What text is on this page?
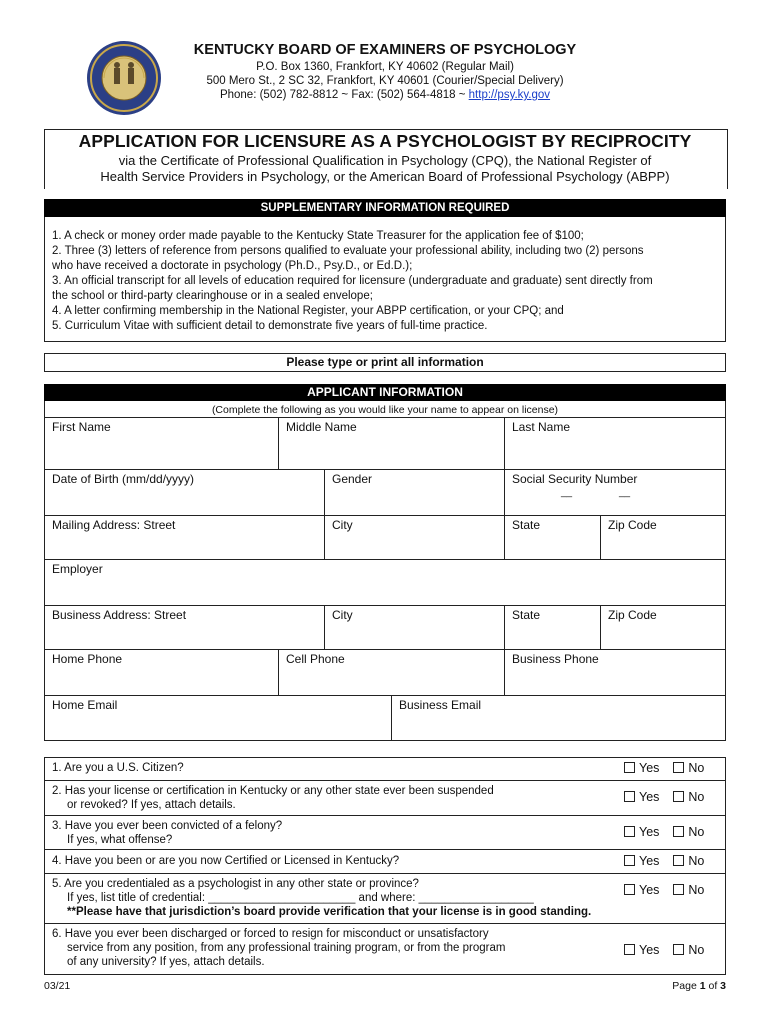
KENTUCKY BOARD OF EXAMINERS OF PSYCHOLOGY
P.O. Box 1360, Frankfort, KY 40602 (Regular Mail)
500 Mero St., 2 SC 32, Frankfort, KY 40601 (Courier/Special Delivery)
Phone: (502) 782-8812 ~ Fax: (502) 564-4818 ~ http://psy.ky.gov
APPLICATION FOR LICENSURE AS A PSYCHOLOGIST BY RECIPROCITY
via the Certificate of Professional Qualification in Psychology (CPQ), the National Register of
Health Service Providers in Psychology, or the American Board of Professional Psychology (ABPP)
SUPPLEMENTARY INFORMATION REQUIRED
1. A check or money order made payable to the Kentucky State Treasurer for the application fee of $100;
2. Three (3) letters of reference from persons qualified to evaluate your professional ability, including two (2) persons
who have received a doctorate in psychology (Ph.D., Psy.D., or Ed.D.);
3. An official transcript for all levels of education required for licensure (undergraduate and graduate) sent directly from
the school or third-party clearinghouse or in a sealed envelope;
4. A letter confirming membership in the National Register, your ABPP certification, or your CPQ; and
5. Curriculum Vitae with sufficient detail to demonstrate five years of full-time practice.
Please type or print all information
APPLICANT INFORMATION
(Complete the following as you would like your name to appear on license)
First Name	Middle Name	Last Name
Date of Birth (mm/dd/yyyy)	Gender	Social Security Number
__	__
Mailing Address: Street	City	State	Zip Code
Employer
Business Address: Street	City	State	Zip Code
Home Phone	Cell Phone	Business Phone
Home Email	Business Email
1. Are you a U.S. Citizen?	Yes No
2. Has your license or certification in Kentucky or any other state ever been suspended
or revoked? If yes, attach details.
Yes No
3. Have you ever been convicted of a felony?
If yes, what offense?
Yes No
4. Have you been or are you now Certified or Licensed in Kentucky?	Yes No
5. Are you credentialed as a psychologist in any other state or province?
If yes, list title of credential: _______________________ and where: __________________
**Please have that jurisdiction’s board provide verification that your license is in good standing.
Yes No
6. Have you ever been discharged or forced to resign for misconduct or unsatisfactory
service from any position, from any professional training program, or from the program
of any university? If yes, attach details.
Yes No
03/21	Page 1 of 3
